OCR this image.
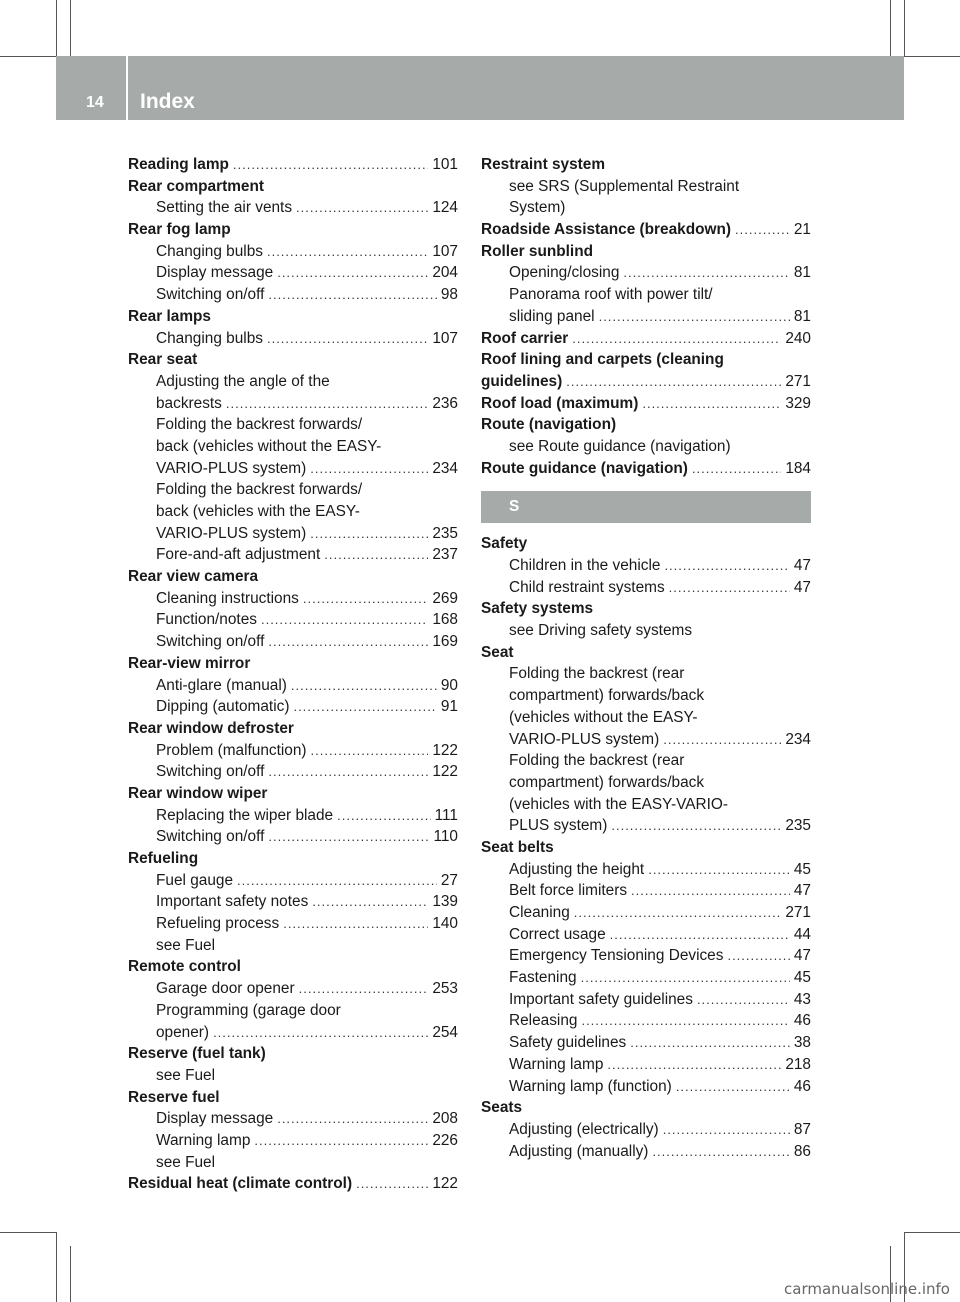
14 Index
Reading lamp .....	101
Rear compartment
Setting the air vents .....	124
Rear fog lamp
Changing bulbs .....	107
Display message .....	204
Switching on/off .....	98
Rear lamps
Changing bulbs .....	107
Rear seat
Adjusting the angle of the
backrests .....	236
Folding the backrest forwards/
back (vehicles without the EASY-
VARIO-PLUS system) .....	234
Folding the backrest forwards/
back (vehicles with the EASY-
VARIO-PLUS system) .....	235
Fore-and-aft adjustment .....	237
Rear view camera
Cleaning instructions .....	269
Function/notes .....	168
Switching on/off .....	169
Rear-view mirror
Anti-glare (manual) .....	90
Dipping (automatic) .....	91
Rear window defroster
Problem (malfunction) .....	122
Switching on/off .....	122
Rear window wiper
Replacing the wiper blade .....	111
Switching on/off .....	110
Refueling
Fuel gauge .....	27
Important safety notes .....	139
Refueling process .....	140
see Fuel
Remote control
Garage door opener .....	253
Programming (garage door
opener) .....	254
Reserve (fuel tank)
see Fuel
Reserve fuel
Display message .....	208
Warning lamp .....	226
see Fuel
Residual heat (climate control) .....	122
Restraint system
see SRS (Supplemental Restraint
System)
Roadside Assistance (breakdown) .....	21
Roller sunblind
Opening/closing .....	81
Panorama roof with power tilt/
sliding panel .....	81
Roof carrier .....	240
Roof lining and carpets (cleaning
guidelines) .....	271
Roof load (maximum) .....	329
Route (navigation)
see Route guidance (navigation)
Route guidance (navigation) .....	184
S
Safety
Children in the vehicle .....	47
Child restraint systems .....	47
Safety systems
see Driving safety systems
Seat
Folding the backrest (rear
compartment) forwards/back
(vehicles without the EASY-
VARIO-PLUS system) .....	234
Folding the backrest (rear
compartment) forwards/back
(vehicles with the EASY-VARIO-
PLUS system) .....	235
Seat belts
Adjusting the height .....	45
Belt force limiters .....	47
Cleaning .....	271
Correct usage .....	44
Emergency Tensioning Devices .....	47
Fastening .....	45
Important safety guidelines .....	43
Releasing .....	46
Safety guidelines .....	38
Warning lamp .....	218
Warning lamp (function) .....	46
Seats
Adjusting (electrically) .....	87
Adjusting (manually) .....	86
carmanualsonline.info
